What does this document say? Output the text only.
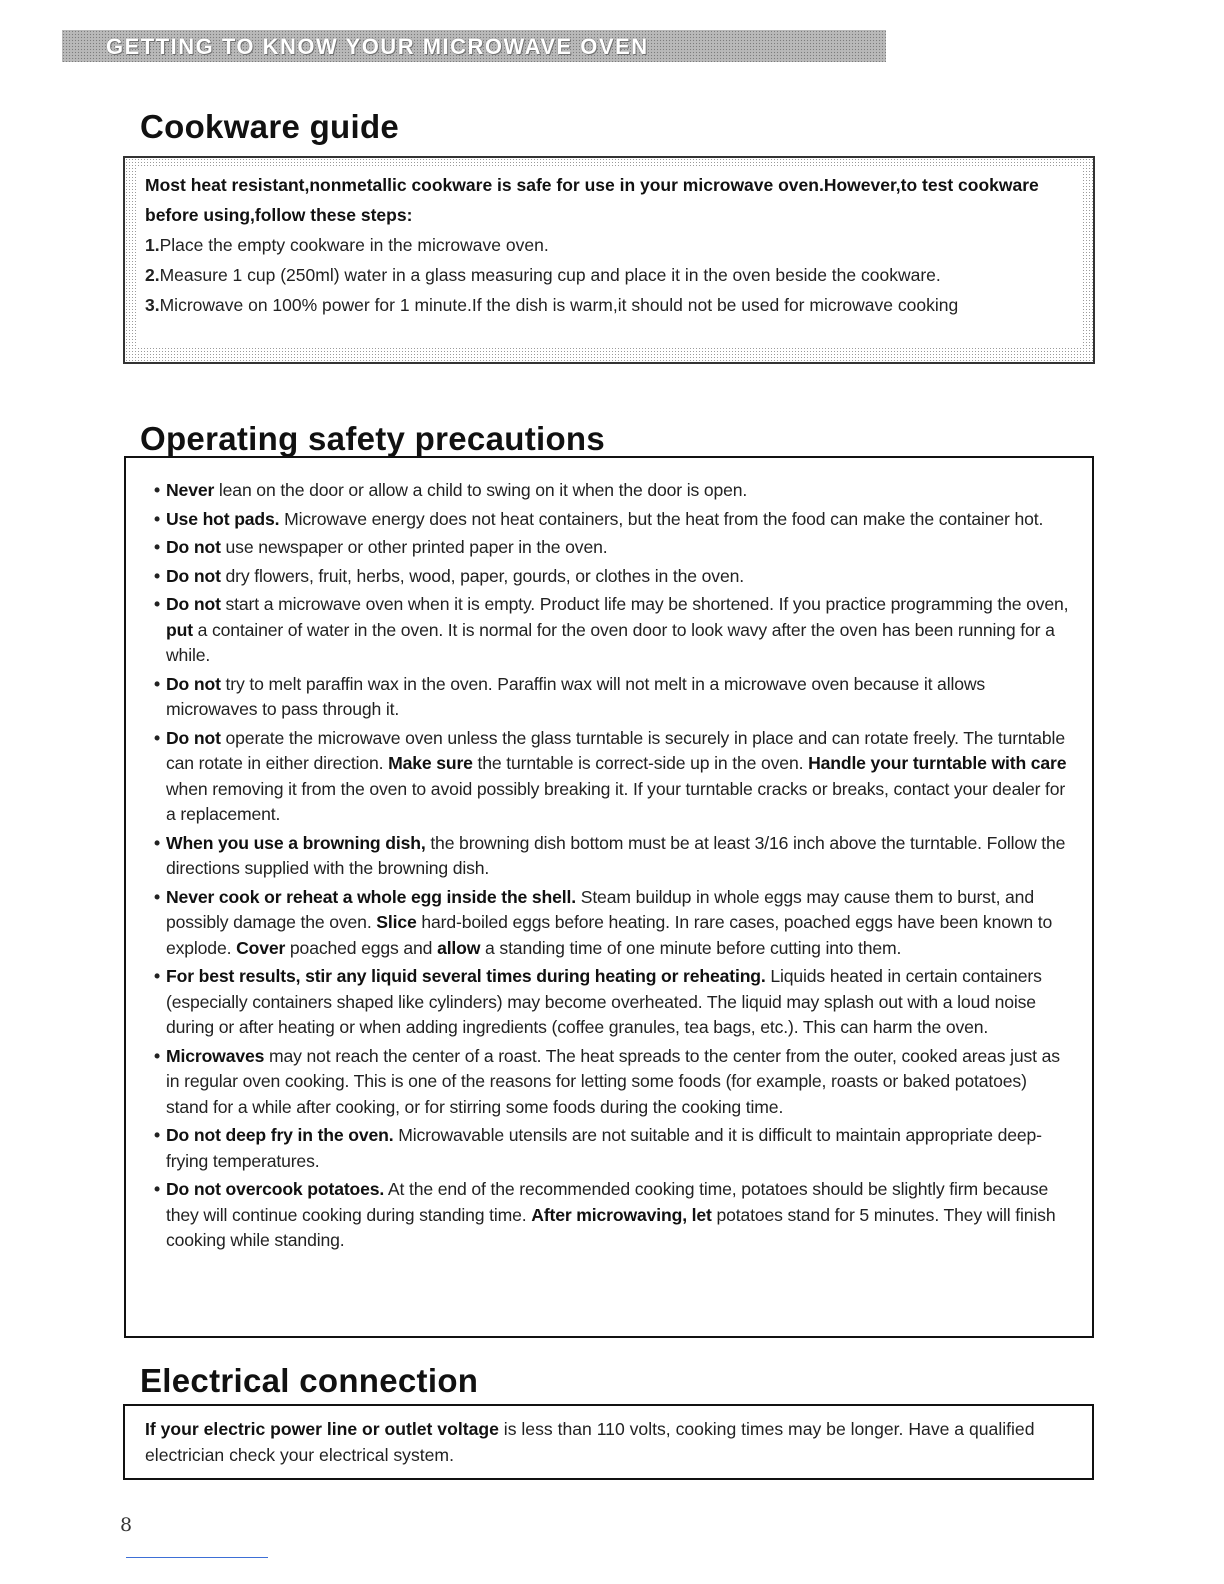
GETTING TO KNOW YOUR MICROWAVE OVEN
Cookware guide
Most heat resistant,nonmetallic cookware is safe for use in your microwave oven.However,to test cookware before using,follow these steps:
1.Place the empty cookware in the microwave oven.
2.Measure 1 cup (250ml) water in a glass measuring cup and place it in the oven beside the cookware.
3.Microwave on 100% power for 1 minute.If the dish is warm,it should not be used for microwave cooking
Operating safety precautions
• Never lean on the door or allow a child to swing on it when the door is open.
• Use hot pads. Microwave energy does not heat containers, but the heat from the food can make the container hot.
• Do not use newspaper or other printed paper in the oven.
• Do not dry flowers, fruit, herbs, wood, paper, gourds, or clothes in the oven.
• Do not start a microwave oven when it is empty. Product life may be shortened. If you practice programming the oven, put a container of water in the oven. It is normal for the oven door to look wavy after the oven has been running for a while.
• Do not try to melt paraffin wax in the oven. Paraffin wax will not melt in a microwave oven because it allows microwaves to pass through it.
• Do not operate the microwave oven unless the glass turntable is securely in place and can rotate freely. The turntable can rotate in either direction. Make sure the turntable is correct-side up in the oven. Handle your turntable with care when removing it from the oven to avoid possibly breaking it. If your turntable cracks or breaks, contact your dealer for a replacement.
• When you use a browning dish, the browning dish bottom must be at least 3/16 inch above the turntable. Follow the directions supplied with the browning dish.
• Never cook or reheat a whole egg inside the shell. Steam buildup in whole eggs may cause them to burst, and possibly damage the oven. Slice hard-boiled eggs before heating. In rare cases, poached eggs have been known to explode. Cover poached eggs and allow a standing time of one minute before cutting into them.
• For best results, stir any liquid several times during heating or reheating. Liquids heated in certain containers (especially containers shaped like cylinders) may become overheated. The liquid may splash out with a loud noise during or after heating or when adding ingredients (coffee granules, tea bags, etc.). This can harm the oven.
• Microwaves may not reach the center of a roast. The heat spreads to the center from the outer, cooked areas just as in regular oven cooking. This is one of the reasons for letting some foods (for example, roasts or baked potatoes) stand for a while after cooking, or for stirring some foods during the cooking time.
• Do not deep fry in the oven. Microwavable utensils are not suitable and it is difficult to maintain appropriate deep-frying temperatures.
• Do not overcook potatoes. At the end of the recommended cooking time, potatoes should be slightly firm because they will continue cooking during standing time. After microwaving, let potatoes stand for 5 minutes. They will finish cooking while standing.
Electrical connection

If your electric power line or outlet voltage is less than 110 volts, cooking times may be longer. Have a qualified electrician check your electrical system.

8
